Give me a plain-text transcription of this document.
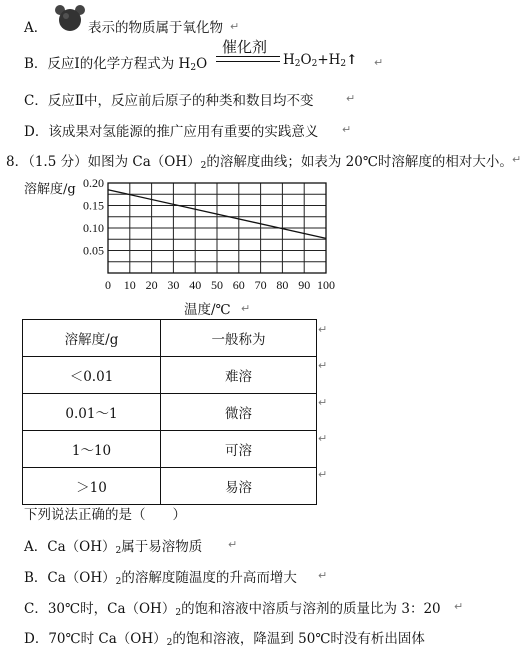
A．	表示的物质属于氧化物 ↵
B．反应Ⅰ的化学方程式为 $H_2O$
催化剂
$H_2O_2+H_2↑$ ↵
C．反应Ⅱ中，反应前后原子的种类和数目均不变	↵
D．该成果对氢能源的推广应用有重要的实践意义 ↵
8．（1.5 分）如图为 $Ca(OH)_2$的溶解度曲线；如表为 20℃时溶解度的相对大小。 ↵
0.20
0.15
0.10
0.05
0 10 20 30 40 50 60 70 80 90 100
溶解度/g
温度/℃ ↵
溶解度/g	一般称为
＜0.01	难溶
0.01～1	微溶
1～10	可溶
＞10	易溶
↵
↵
↵
↵
↵
下列说法正确的是（　　）
A．$Ca(OH)_2$属于易溶物质 ↵
B．$Ca(OH)_2$的溶解度随温度的升高而增大 ↵
C．30℃时，$Ca(OH)_2$的饱和溶液中溶质与溶剂的质量比为 3：20 ↵
D．70℃时 $Ca(OH)_2$的饱和溶液，降温到 50℃时没有析出固体
